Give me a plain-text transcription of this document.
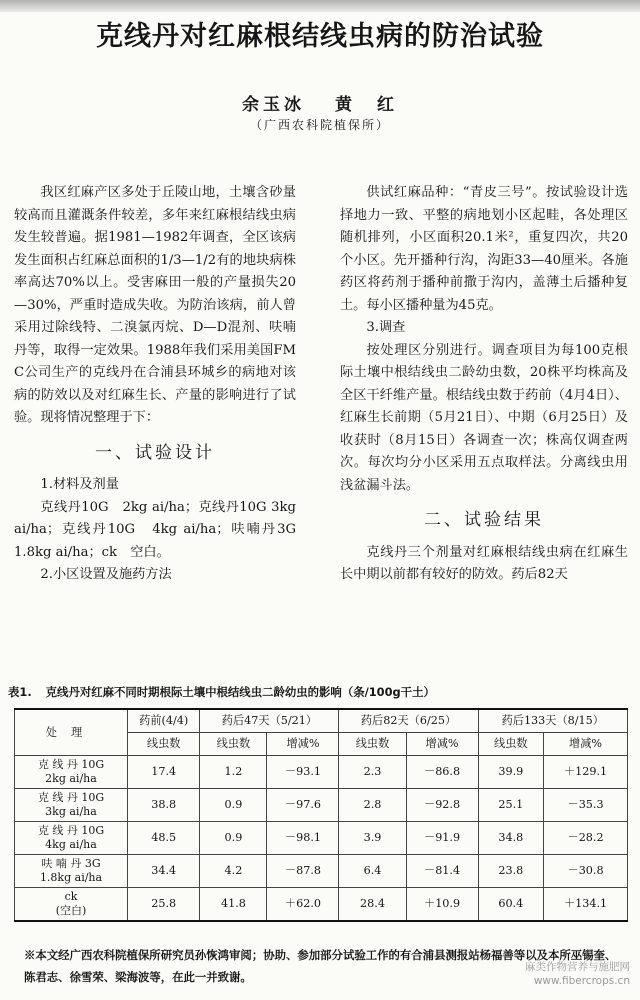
克线丹对红麻根结线虫病的防治试验
余玉冰 黄　红
（广西农科院植保所）

我区红麻产区多处于丘陵山地，土壤含砂量较高而且灌溉条件较差，多年来红麻根结线虫病发生较普遍。据1981—1982年调查，全区该病发生面积占红麻总面积的1/3—1/2有的地块病株率高达70%以上。受害麻田一般的产量损失20—30%，严重时造成失收。为防治该病，前人曾采用过除线特、二溴氯丙烷、D—D混剂、呋喃丹等，取得一定效果。1988年我们采用美国FMC公司生产的克线丹在合浦县环城乡的病地对该病的防效以及对红麻生长、产量的影响进行了试验。现将情况整理于下：

一、试验设计

1.材料及剂量

克线丹10G　2kg ai/ha；克线丹10G 3kg ai/ha；克线丹10G　4kg ai/ha；呋喃丹3G　1.8kg ai/ha；ck　空白。

2.小区设置及施药方法

供试红麻品种：“青皮三号”。按试验设计选择地力一致、平整的病地划小区起畦，各处理区随机排列，小区面积20.1米²，重复四次，共20个小区。先开播种行沟，沟距33—40厘米。各施药区将药剂于播种前撒于沟内，盖薄土后播种复土。每小区播种量为45克。

3.调查

按处理区分别进行。调查项目为每100克根际土壤中根结线虫二龄幼虫数，20株平均株高及全区干纤维产量。根结线虫数于药前（4月4日）、红麻生长前期（5月21日）、中期（6月25日）及收获时（8月15日）各调查一次；株高仅调查两次。每次均分小区采用五点取样法。分离线虫用浅盆漏斗法。

二、试验结果

克线丹三个剂量对红麻根结线虫病在红麻生长中期以前都有较好的防效。药后82天

表1. 克线丹对红麻不同时期根际土壤中根结线虫二龄幼虫的影响（条/100g干土）
处理	药前(4/4)	药后47天（5/21）		药后82天（6/25）		药后133天（8/15）	
	线虫数	线虫数	增减%	线虫数	增减%	线虫数	增减%

克 线 丹 10G
2kg ai/ha	17.4	1.2	－93.1	2.3	－86.8	39.9	＋129.1

克 线 丹 10G
3kg ai/ha	38.8	0.9	－97.6	2.8	－92.8	25.1	－35.3

克 线 丹 10G
4kg ai/ha	48.5	0.9	－98.1	3.9	－91.9	34.8	－28.2

呋 喃 丹 3G
1.8kg ai/ha	34.4	4.2	－87.8	6.4	－81.4	23.8	－30.8

ck
(空白)	25.8	41.8	＋62.0	28.4	＋10.9	60.4	＋134.1
※本文经广西农科院植保所研究员孙恢鸿审阅；协助、参加部分试验工作的有合浦县测报站杨福善等以及本所巫锡奎、陈君志、徐雪荣、梁海波等，在此一并致谢。
麻类作物营养与施肥网
www.fibercrops.cn
